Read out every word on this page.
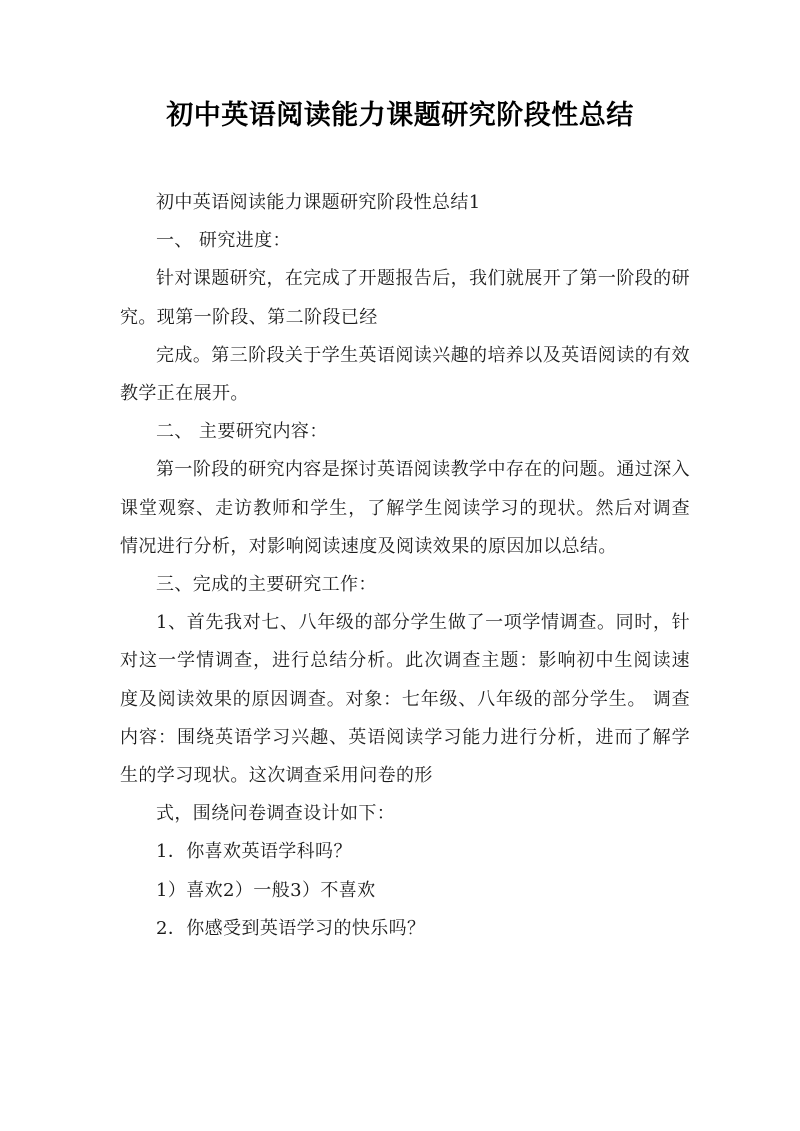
初中英语阅读能力课题研究阶段性总结

初中英语阅读能力课题研究阶段性总结1

一、 研究进度：

针对课题研究，在完成了开题报告后，我们就展开了第一阶段的研究。现第一阶段、第二阶段已经

完成。第三阶段关于学生英语阅读兴趣的培养以及英语阅读的有效教学正在展开。

二、 主要研究内容：

第一阶段的研究内容是探讨英语阅读教学中存在的问题。通过深入课堂观察、走访教师和学生，了解学生阅读学习的现状。然后对调查情况进行分析，对影响阅读速度及阅读效果的原因加以总结。

三、完成的主要研究工作：

1、首先我对七、八年级的部分学生做了一项学情调查。同时，针对这一学情调查，进行总结分析。此次调查主题：影响初中生阅读速度及阅读效果的原因调查。对象：七年级、八年级的部分学生。 调查内容：围绕英语学习兴趣、英语阅读学习能力进行分析，进而了解学生的学习现状。这次调查采用问卷的形

式，围绕问卷调查设计如下：

1．你喜欢英语学科吗？

1）喜欢2）一般3）不喜欢

2．你感受到英语学习的快乐吗？
